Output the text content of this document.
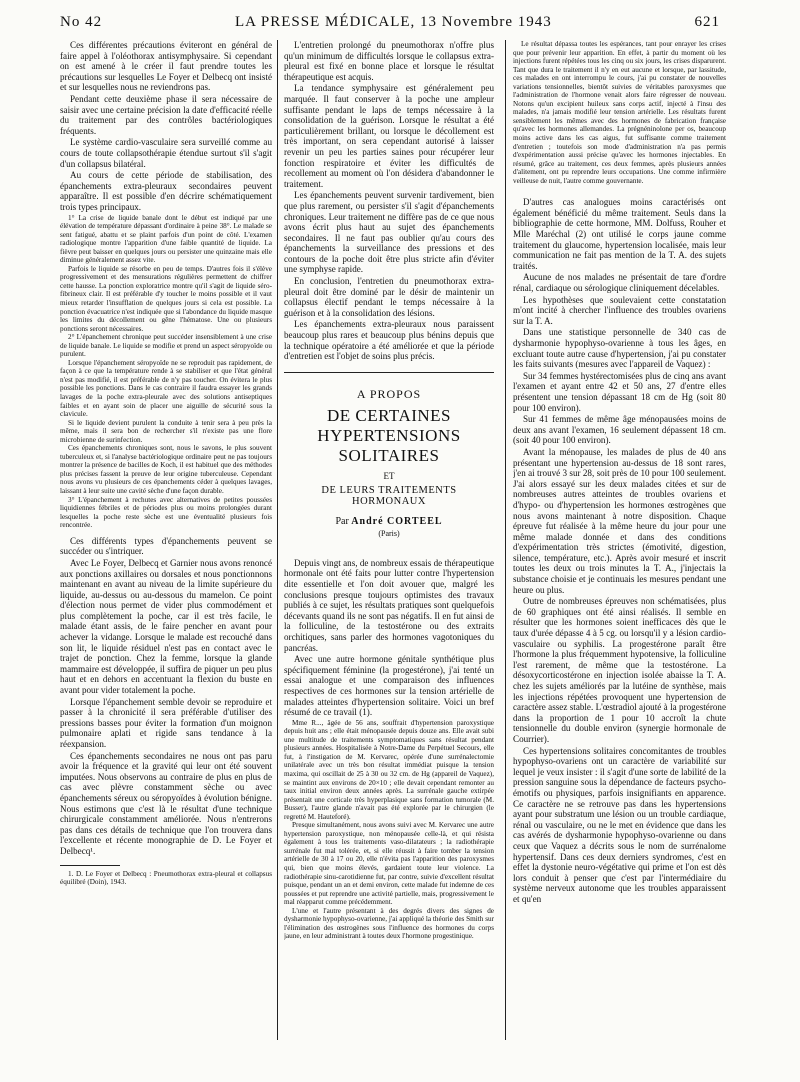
No 42	LA PRESSE MÉDICALE, 13 Novembre 1943	621

Ces différentes précautions éviteront en général de faire appel à l'oléothorax antisymphysaire. Si cependant on est amené à le créer il faut prendre toutes les précautions sur lesquelles Le Foyer et Delbecq ont insisté et sur lesquelles nous ne reviendrons pas.

Pendant cette deuxième phase il sera nécessaire de saisir avec une certaine précision la date d'efficacité réelle du traitement par des contrôles bactériologiques fréquents.

Le système cardio-vasculaire sera surveillé comme au cours de toute collapsothérapie étendue surtout s'il s'agit d'un collapsus bilatéral.

Au cours de cette période de stabilisation, des épanchements extra-pleuraux secondaires peuvent apparaître. Il est possible d'en décrire schématiquement trois types principaux.

1° La crise de liquide banale dont le début est indiqué par une élévation de température dépassant d'ordinaire à peine 38°. Le malade se sent fatigué, abattu et se plaint parfois d'un point de côté. L'examen radiologique montre l'apparition d'une faible quantité de liquide. La fièvre peut baisser en quelques jours ou persister une quinzaine mais elle diminue généralement assez vite.

Parfois le liquide se résorbe en peu de temps. D'autres fois il s'élève progressivement et des mensurations régulières permettent de chiffrer cette hausse. La ponction exploratrice montre qu'il s'agit de liquide séro-fibrineux clair. Il est préférable d'y toucher le moins possible et il vaut mieux retarder l'insufflation de quelques jours si cela est possible. La ponction évacuatrice n'est indiquée que si l'abondance du liquide masque les limites du décollement ou gêne l'hématose. Une ou plusieurs ponctions seront nécessaires.

2° L'épanchement chronique peut succéder insensiblement à une crise de liquide banale. Le liquide se modifie et prend un aspect séropyoïde ou purulent.

Lorsque l'épanchement séropyoïde ne se reproduit pas rapidement, de façon à ce que la température rende à se stabiliser et que l'état général n'est pas modifié, il est préférable de n'y pas toucher. On évitera le plus possible les ponctions. Dans le cas contraire il faudra essayer les grands lavages de la poche extra-pleurale avec des solutions antiseptiques faibles et en ayant soin de placer une aiguille de sécurité sous la clavicule.

Si le liquide devient purulent la conduite à tenir sera à peu près la même, mais il sera bon de rechercher s'il n'existe pas une flore microbienne de surinfection.

Ces épanchements chroniques sont, nous le savons, le plus souvent tuberculeux et, si l'analyse bactériologique ordinaire peut ne pas toujours montrer la présence de bacilles de Koch, il est habituel que des méthodes plus précises fassent la preuve de leur origine tuberculeuse. Cependant nous avons vu plusieurs de ces épanchements céder à quelques lavages, laissant à leur suite une cavité sèche d'une façon durable.

3° L'épanchement à rechutes avec alternatives de petites poussées liquidiennes fébriles et de périodes plus ou moins prolongées durant lesquelles la poche reste sèche est une éventualité plusieurs fois rencontrée.

Ces différents types d'épanchements peuvent se succéder ou s'intriquer.

Avec Le Foyer, Delbecq et Garnier nous avons renoncé aux ponctions axillaires ou dorsales et nous ponctionnons maintenant en avant au niveau de la limite supérieure du liquide, au-dessus ou au-dessous du mamelon. Ce point d'élection nous permet de vider plus commodément et plus complètement la poche, car il est très facile, le malade étant assis, de le faire pencher en avant pour achever la vidange. Lorsque le malade est recouché dans son lit, le liquide résiduel n'est pas en contact avec le trajet de ponction. Chez la femme, lorsque la glande mammaire est développée, il suffira de piquer un peu plus haut et en dehors en accentuant la flexion du buste en avant pour vider totalement la poche.

Lorsque l'épanchement semble devoir se reproduire et passer à la chronicité il sera préférable d'utiliser des pressions basses pour éviter la formation d'un moignon pulmonaire aplati et rigide sans tendance à la réexpansion.

Ces épanchements secondaires ne nous ont pas paru avoir la fréquence et la gravité qui leur ont été souvent imputées. Nous observons au contraire de plus en plus de cas avec plèvre constamment sèche ou avec épanchements séreux ou séropyoïdes à évolution bénigne. Nous estimons que c'est là le résultat d'une technique chirurgicale constamment améliorée. Nous n'entrerons pas dans ces détails de technique que l'on trouvera dans l'excellente et récente monographie de D. Le Foyer et Delbecq¹.

1. D. Le Foyer et Delbecq : Pneumothorax extra-pleural et collapsus équilibré (Doin), 1943.

L'entretien prolongé du pneumothorax n'offre plus qu'un minimum de difficultés lorsque le collapsus extra-pleural est fixé en bonne place et lorsque le résultat thérapeutique est acquis.

La tendance symphysaire est généralement peu marquée. Il faut conserver à la poche une ampleur suffisante pendant le laps de temps nécessaire à la consolidation de la guérison. Lorsque le résultat a été particulièrement brillant, ou lorsque le décollement est très important, on sera cependant autorisé à laisser revenir un peu les parties saines pour récupérer leur fonction respiratoire et éviter les difficultés de recollement au moment où l'on désidera d'abandonner le traitement.

Les épanchements peuvent survenir tardivement, bien que plus rarement, ou persister s'il s'agit d'épanchements chroniques. Leur traitement ne diffère pas de ce que nous avons écrit plus haut au sujet des épanchements secondaires. Il ne faut pas oublier qu'au cours des épanchements la surveillance des pressions et des contours de la poche doit être plus stricte afin d'éviter une symphyse rapide.

En conclusion, l'entretien du pneumothorax extra-pleural doit être dominé par le désir de maintenir un collapsus électif pendant le temps nécessaire à la guérison et à la consolidation des lésions.

Les épanchements extra-pleuraux nous paraissent beaucoup plus rares et beaucoup plus bénins depuis que la technique opératoire a été améliorée et que la période d'entretien est l'objet de soins plus précis.

A PROPOS
DE CERTAINES HYPERTENSIONS SOLITAIRES
ET
DE LEURS TRAITEMENTS HORMONAUX
Par André CORTEEL
(Paris)

Depuis vingt ans, de nombreux essais de thérapeutique hormonale ont été faits pour lutter contre l'hypertension dite essentielle et l'on doit avouer que, malgré les conclusions presque toujours optimistes des travaux publiés à ce sujet, les résultats pratiques sont quelquefois décevants quand ils ne sont pas négatifs. Il en fut ainsi de la folliculine, de la testostérone ou des extraits orchitiques, sans parler des hormones vagotoniques du pancréas.

Avec une autre hormone génitale synthétique plus spécifiquement féminine (la progestérone), j'ai tenté un essai analogue et une comparaison des influences respectives de ces hormones sur la tension artérielle de malades atteintes d'hypertension solitaire. Voici un bref résumé de ce travail (1).

Mme R..., âgée de 56 ans, souffrait d'hypertension paroxystique depuis huit ans ; elle était ménopausée depuis douze ans. Elle avait subi une multitude de traitements symptomatiques sans résultat pendant plusieurs années. Hospitalisée à Notre-Dame du Perpétuel Secours, elle fut, à l'instigation de M. Kervarec, opérée d'une surrénalectomie unilatérale avec un très bon résultat immédiat puisque la tension maxima, qui oscillait de 25 à 30 ou 32 cm. de Hg (appareil de Vaquez), se maintint aux environs de 20×10 ; elle devait cependant remonter au taux initial environ deux années après. La surrénale gauche extirpée présentait une corticale très hyperplasique sans formation tumorale (M. Busser), l'autre glande n'avait pas été explorée par le chirurgien (le regretté M. Hauteforé).

Presque simultanément, nous avons suivi avec M. Kervarec une autre hypertension paroxystique, non ménopausée celle-là, et qui résista également à tous les traitements vaso-dilatateurs ; la radiothérapie surrénale fut mal tolérée, et, si elle réussit à faire tomber la tension artérielle de 30 à 17 ou 20, elle n'évita pas l'apparition des paroxysmes qui, bien que moins élevés, gardaient toute leur violence. La radiothérapie sinu-carotidienne fut, par contre, suivie d'excellent résultat puisque, pendant un an et demi environ, cette malade fut indemne de ces poussées et put reprendre une activité partielle, mais, progressivement le mal réapparut comme précédemment.

L'une et l'autre présentant à des degrés divers des signes de dysharmonie hypophyso-ovarienne, j'ai appliqué la théorie des Smith sur l'élimination des œstrogènes sous l'influence des hormones du corps jaune, en leur administrant à toutes deux l'hormone progestinique.

Le résultat dépassa toutes les espérances, tant pour enrayer les crises que pour prévenir leur apparition. En effet, à partir du moment où les injections furent répétées tous les cinq ou six jours, les crises disparurent. Tant que dura le traitement il n'y en eut aucune et lorsque, par lassitude, ces malades en ont interrompu le cours, j'ai pu constater de nouvelles variations tensionnelles, bientôt suivies de véritables paroxysmes que l'administration de l'hormone venait alors faire régresser de nouveau. Notons qu'un excipient huileux sans corps actif, injecté à l'insu des malades, n'a jamais modifié leur tension artérielle. Les résultats furent sensiblement les mêmes avec des hormones de fabrication française qu'avec les hormones allemandes. La prégnéninolone per os, beaucoup moins active dans les cas aigus, fut suffisante comme traitement d'entretien ; toutefois son mode d'administration n'a pas permis d'expérimentation aussi précise qu'avec les hormones injectables. En résumé, grâce au traitement, ces deux femmes, après plusieurs années d'alitement, ont pu reprendre leurs occupations. Une comme infirmière veilleuse de nuit, l'autre comme gouvernante.

D'autres cas analogues moins caractérisés ont également bénéficié du même traitement. Seuls dans la bibliographie de cette hormone, MM. Dolfuss, Rouher et Mlle Maréchal (2) ont utilisé le corps jaune comme traitement du glaucome, hypertension localisée, mais leur communication ne fait pas mention de la T. A. des sujets traités.

Aucune de nos malades ne présentait de tare d'ordre rénal, cardiaque ou sérologique cliniquement décelables.

Les hypothèses que soulevaient cette constatation m'ont incité à chercher l'influence des troubles ovariens sur la T. A.

Dans une statistique personnelle de 340 cas de dysharmonie hypophyso-ovarienne à tous les âges, en excluant toute autre cause d'hypertension, j'ai pu constater les faits suivants (mesures avec l'appareil de Vaquez) :

Sur 34 femmes hystérectomisées plus de cinq ans avant l'examen et ayant entre 42 et 50 ans, 27 d'entre elles présentent une tension dépassant 18 cm de Hg (soit 80 pour 100 environ).

Sur 41 femmes de même âge ménopausées moins de deux ans avant l'examen, 16 seulement dépassent 18 cm. (soit 40 pour 100 environ).

Avant la ménopause, les malades de plus de 40 ans présentant une hypertension au-dessus de 18 sont rares, j'en ai trouvé 3 sur 28, soit près de 10 pour 100 seulement. J'ai alors essayé sur les deux malades citées et sur de nombreuses autres atteintes de troubles ovariens et d'hypo- ou d'hypertension les hormones œstrogènes que nous avons maintenant à notre disposition. Chaque épreuve fut réalisée à la même heure du jour pour une même malade donnée et dans des conditions d'expérimentation très strictes (émotivité, digestion, silence, température, etc.). Après avoir mesuré et inscrit toutes les deux ou trois minutes la T. A., j'injectais la substance choisie et je continuais les mesures pendant une heure ou plus.

Outre de nombreuses épreuves non schématisées, plus de 60 graphiques ont été ainsi réalisés. Il semble en résulter que les hormones soient inefficaces dès que le taux d'urée dépasse 4 à 5 cg. ou lorsqu'il y a lésion cardio-vasculaire ou syphilis. La progestérone paraît être l'hormone la plus fréquemment hypotensive, la folliculine l'est rarement, de même que la testostérone. La désoxycorticostérone en injection isolée abaisse la T. A. chez les sujets améliorés par la lutéine de synthèse, mais les injections répétées provoquent une hypertension de caractère assez stable. L'œstradiol ajouté à la progestérone dans la proportion de 1 pour 10 accroît la chute tensionnelle du double environ (synergie hormonale de Courrier).

Ces hypertensions solitaires concomitantes de troubles hypophyso-ovariens ont un caractère de variabilité sur lequel je veux insister : il s'agit d'une sorte de labilité de la pression sanguine sous la dépendance de facteurs psycho-émotifs ou physiques, parfois insignifiants en apparence. Ce caractère ne se retrouve pas dans les hypertensions ayant pour substratum une lésion ou un trouble cardiaque, rénal ou vasculaire, ou ne le met en évidence que dans les cas avérés de dysharmonie hypophyso-ovarienne ou dans ceux que Vaquez a décrits sous le nom de surrénalome hypertensif. Dans ces deux derniers syndromes, c'est en effet la dystonie neuro-végétative qui prime et l'on est dès lors conduit à penser que c'est par l'intermédiaire du système nerveux autonome que les troubles apparaissent et qu'en
